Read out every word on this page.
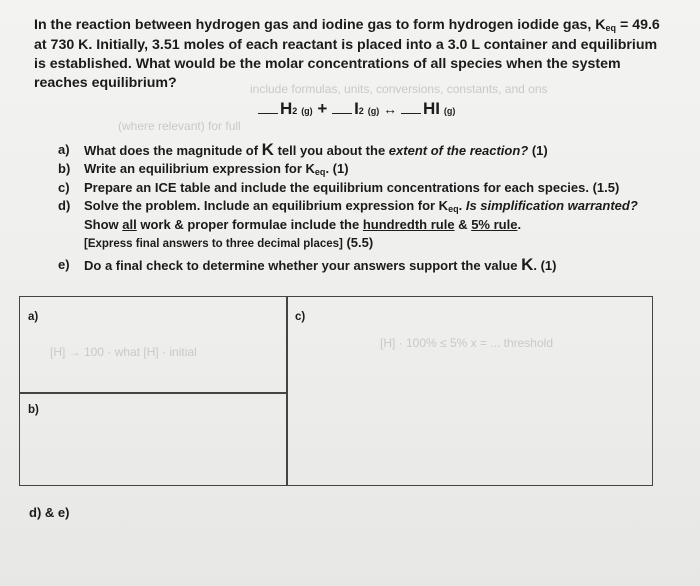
include formulas, units, conversions, constants, and ons
(where relevant) for full
[H] → 100 · what [H] · initial
[H] · 100% ≤ 5% x = ... threshold
In the reaction between hydrogen gas and iodine gas to form hydrogen iodide gas, Keq = 49.6
at 730 K. Initially, 3.51 moles of each reactant is placed into a 3.0 L container and equilibrium
is established. What would be the molar concentrations of all species when the system
reaches equilibrium?
H2 (g) + I2 (g) ↔ HI (g)
a)	What does the magnitude of K tell you about the extent of the reaction? (1)
b)	Write an equilibrium expression for Keq. (1)
c)	Prepare an ICE table and include the equilibrium concentrations for each species. (1.5)
d)	Solve the problem. Include an equilibrium expression for Keq. Is simplification warranted?
Show all work & proper formulae include the hundredth rule & 5% rule.
[Express final answers to three decimal places] (5.5)
e)	Do a final check to determine whether your answers support the value K. (1)
a)
b)
c)
d) & e)
